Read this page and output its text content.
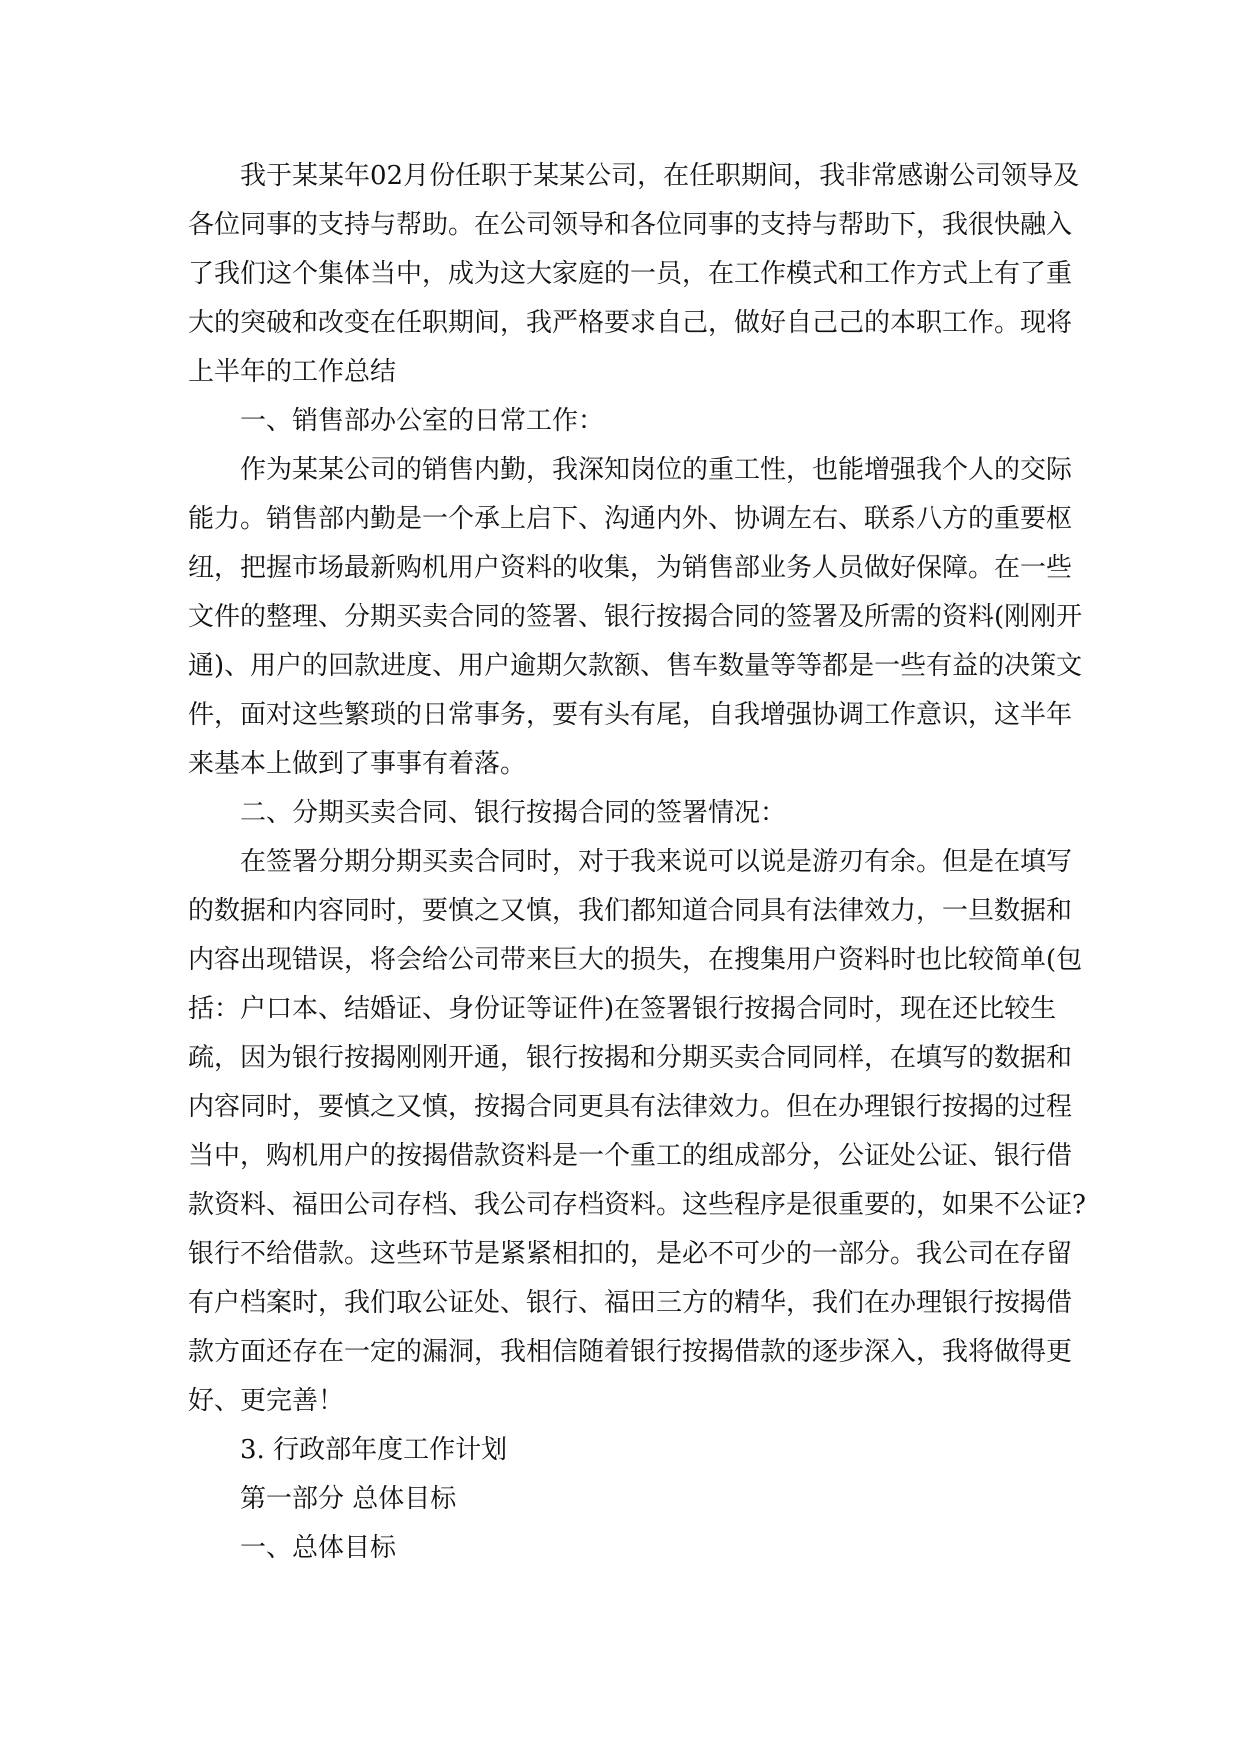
我于某某年02月份任职于某某公司，在任职期间，我非常感谢公司领导及
各位同事的支持与帮助。在公司领导和各位同事的支持与帮助下，我很快融入
了我们这个集体当中，成为这大家庭的一员，在工作模式和工作方式上有了重
大的突破和改变在任职期间，我严格要求自己，做好自己己的本职工作。现将
上半年的工作总结
一、销售部办公室的日常工作：
作为某某公司的销售内勤，我深知岗位的重工性，也能增强我个人的交际
能力。销售部内勤是一个承上启下、沟通内外、协调左右、联系八方的重要枢
纽，把握市场最新购机用户资料的收集，为销售部业务人员做好保障。在一些
文件的整理、分期买卖合同的签署、银行按揭合同的签署及所需的资料(刚刚开
通)、用户的回款进度、用户逾期欠款额、售车数量等等都是一些有益的决策文
件，面对这些繁琐的日常事务，要有头有尾，自我增强协调工作意识，这半年
来基本上做到了事事有着落。
二、分期买卖合同、银行按揭合同的签署情况：
在签署分期分期买卖合同时，对于我来说可以说是游刃有余。但是在填写
的数据和内容同时，要慎之又慎，我们都知道合同具有法律效力，一旦数据和
内容出现错误，将会给公司带来巨大的损失，在搜集用户资料时也比较简单(包
括：户口本、结婚证、身份证等证件)在签署银行按揭合同时，现在还比较生
疏，因为银行按揭刚刚开通，银行按揭和分期买卖合同同样，在填写的数据和
内容同时，要慎之又慎，按揭合同更具有法律效力。但在办理银行按揭的过程
当中，购机用户的按揭借款资料是一个重工的组成部分，公证处公证、银行借
款资料、福田公司存档、我公司存档资料。这些程序是很重要的，如果不公证?
银行不给借款。这些环节是紧紧相扣的，是必不可少的一部分。我公司在存留
有户档案时，我们取公证处、银行、福田三方的精华，我们在办理银行按揭借
款方面还存在一定的漏洞，我相信随着银行按揭借款的逐步深入，我将做得更
好、更完善！
3. 行政部年度工作计划
第一部分 总体目标
一、总体目标
